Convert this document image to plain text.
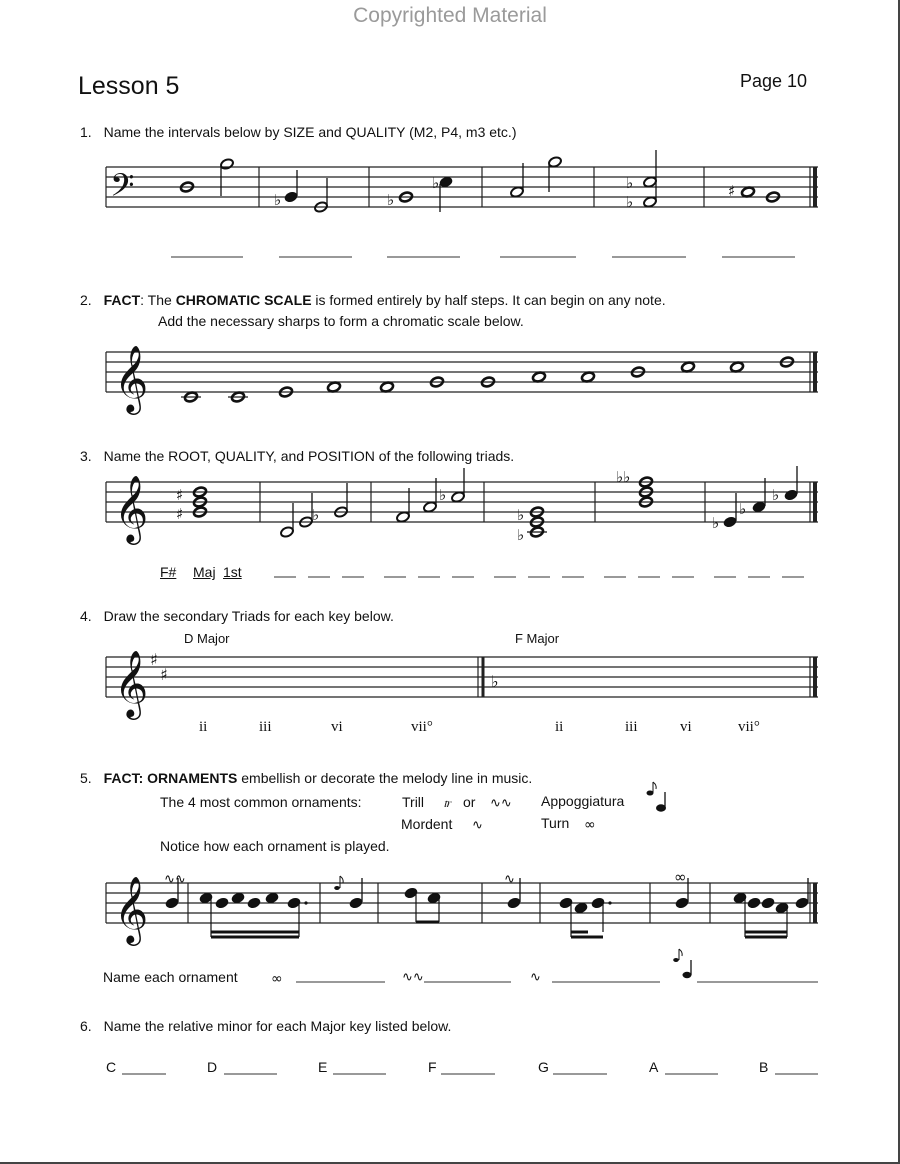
Copyrighted Material
Lesson 5	Page 10
1. Name the intervals below by SIZE and QUALITY (M2, P4, m3 etc.)
2. FACT: The CHROMATIC SCALE is formed entirely by half steps. It can begin on any note.
Add the necessary sharps to form a chromatic scale below.
3. Name the ROOT, QUALITY, and POSITION of the following triads.
F# Maj 1st
4. Draw the secondary Triads for each key below.
D Major	F Major
ii	iii	vi	vii°	ii	iii	vi	vii°
5. FACT: ORNAMENTS embellish or decorate the melody line in music.
The 4 most common ornaments:	Trill	or	Appoggiatura
Mordent	Turn
Notice how each ornament is played.
Name each ornament
6. Name the relative minor for each Major key listed below.
C	D	E	F	G	A	B
𝄢	♭	♭
♭	♭
♭
♯
𝄞
𝄞 ♯
♯	♭
♭
♭
♭
♭♭
♭
♭
♭
𝄞 ♯
♯	♭
𝆖	∿∿
∿	∞
𝄞 ∿∿	∿	∞
∞	∿∿	∿
